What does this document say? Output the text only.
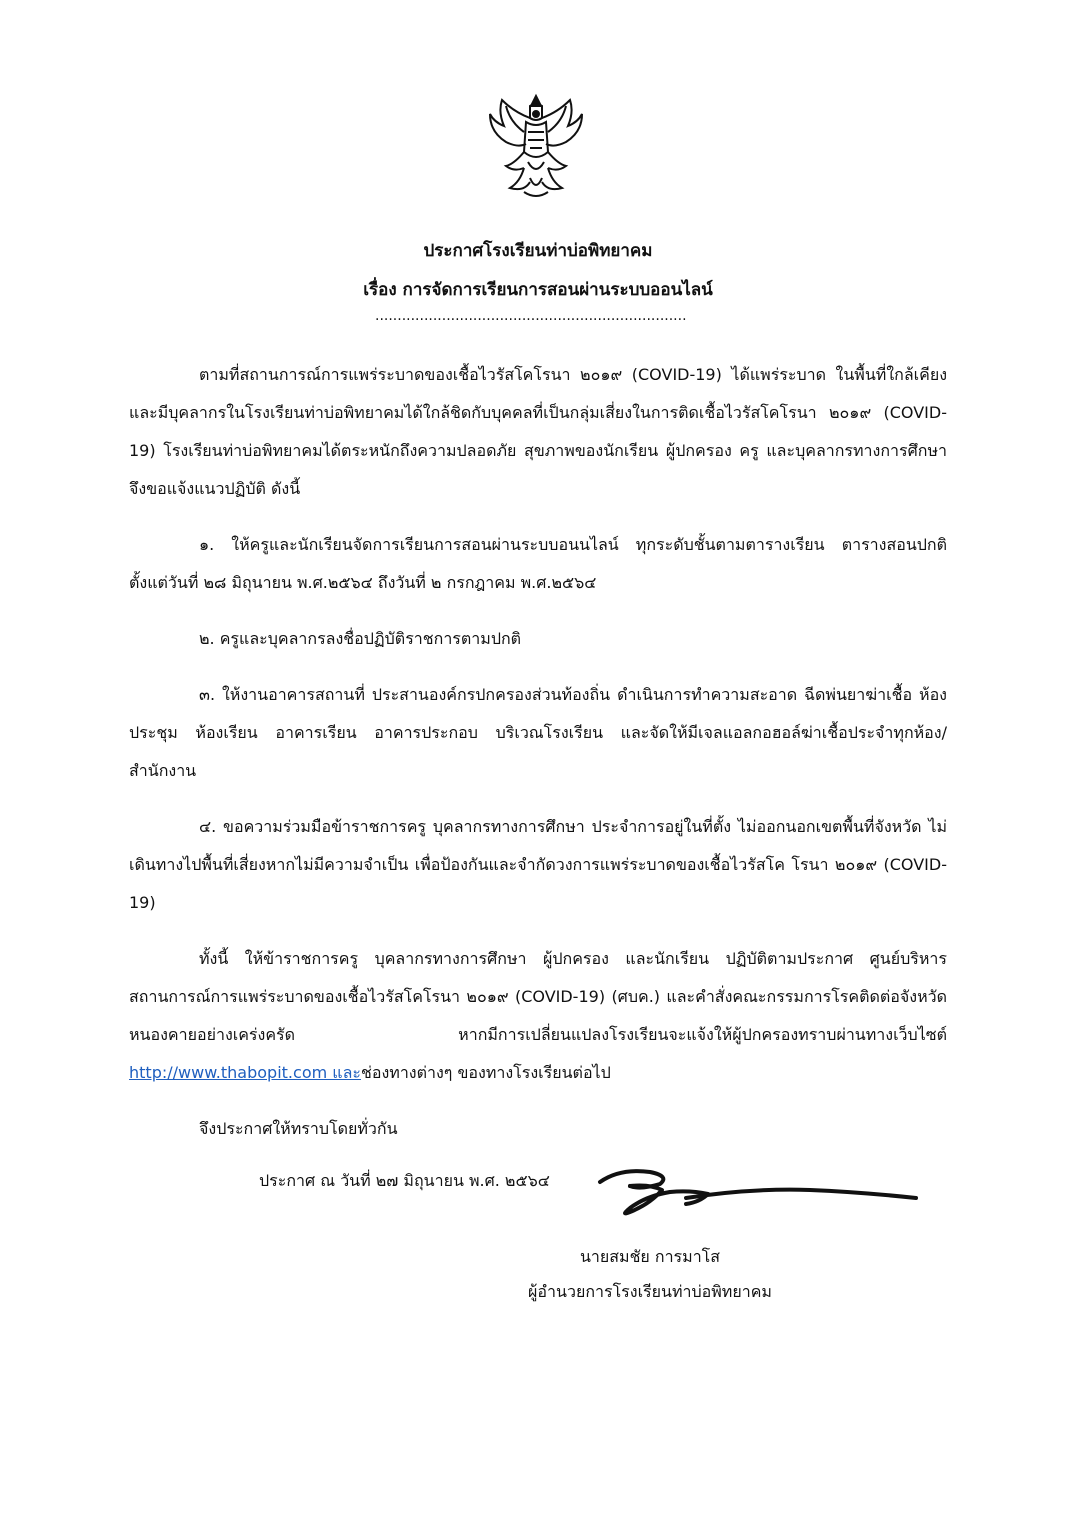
ประกาศโรงเรียนท่าบ่อพิทยาคม
เรื่อง การจัดการเรียนการสอนผ่านระบบออนไลน์
......................................................................

ตามที่สถานการณ์การแพร่ระบาดของเชื้อไวรัสโคโรนา ๒๐๑๙ (COVID-19) ได้แพร่ระบาด ในพื้นที่ใกล้เคียง และมีบุคลากรในโรงเรียนท่าบ่อพิทยาคมได้ใกล้ชิดกับบุคคลที่เป็นกลุ่มเสี่ยงในการติดเชื้อไวรัสโคโรนา ๒๐๑๙ (COVID-19) โรงเรียนท่าบ่อพิทยาคมได้ตระหนักถึงความปลอดภัย สุขภาพของนักเรียน ผู้ปกครอง ครู และบุคลากรทางการศึกษา จึงขอแจ้งแนวปฏิบัติ ดังนี้

๑. ให้ครูและนักเรียนจัดการเรียนการสอนผ่านระบบอนนไลน์ ทุกระดับชั้นตามตารางเรียน ตารางสอนปกติ ตั้งแต่วันที่ ๒๘ มิถุนายน พ.ศ.๒๕๖๔ ถึงวันที่ ๒ กรกฎาคม พ.ศ.๒๕๖๔

๒. ครูและบุคลากรลงชื่อปฏิบัติราชการตามปกติ

๓. ให้งานอาคารสถานที่ ประสานองค์กรปกครองส่วนท้องถิ่น ดำเนินการทำความสะอาด ฉีดพ่นยาฆ่าเชื้อ ห้องประชุม ห้องเรียน อาคารเรียน อาคารประกอบ บริเวณโรงเรียน และจัดให้มีเจลแอลกอฮอล์ฆ่าเชื้อประจำทุกห้อง/สำนักงาน

๔. ขอความร่วมมือข้าราชการครู บุคลากรทางการศึกษา ประจำการอยู่ในที่ตั้ง ไม่ออกนอกเขตพื้นที่จังหวัด ไม่เดินทางไปพื้นที่เสี่ยงหากไม่มีความจำเป็น เพื่อป้องกันและจำกัดวงการแพร่ระบาดของเชื้อไวรัสโค โรนา ๒๐๑๙ (COVID-19)

ทั้งนี้ ให้ข้าราชการครู บุคลากรทางการศึกษา ผู้ปกครอง และนักเรียน ปฏิบัติตามประกาศ ศูนย์บริหารสถานการณ์การแพร่ระบาดของเชื้อไวรัสโคโรนา ๒๐๑๙ (COVID-19) (ศบค.) และคำสั่งคณะกรรมการโรคติดต่อจังหวัดหนองคายอย่างเคร่งครัด หากมีการเปลี่ยนแปลงโรงเรียนจะแจ้งให้ผู้ปกครองทราบผ่านทางเว็บไซต์ http://www.thabopit.com และช่องทางต่างๆ ของทางโรงเรียนต่อไป

จึงประกาศให้ทราบโดยทั่วกัน

ประกาศ ณ วันที่ ๒๗ มิถุนายน พ.ศ. ๒๕๖๔

นายสมชัย การมาโส
ผู้อำนวยการโรงเรียนท่าบ่อพิทยาคม
